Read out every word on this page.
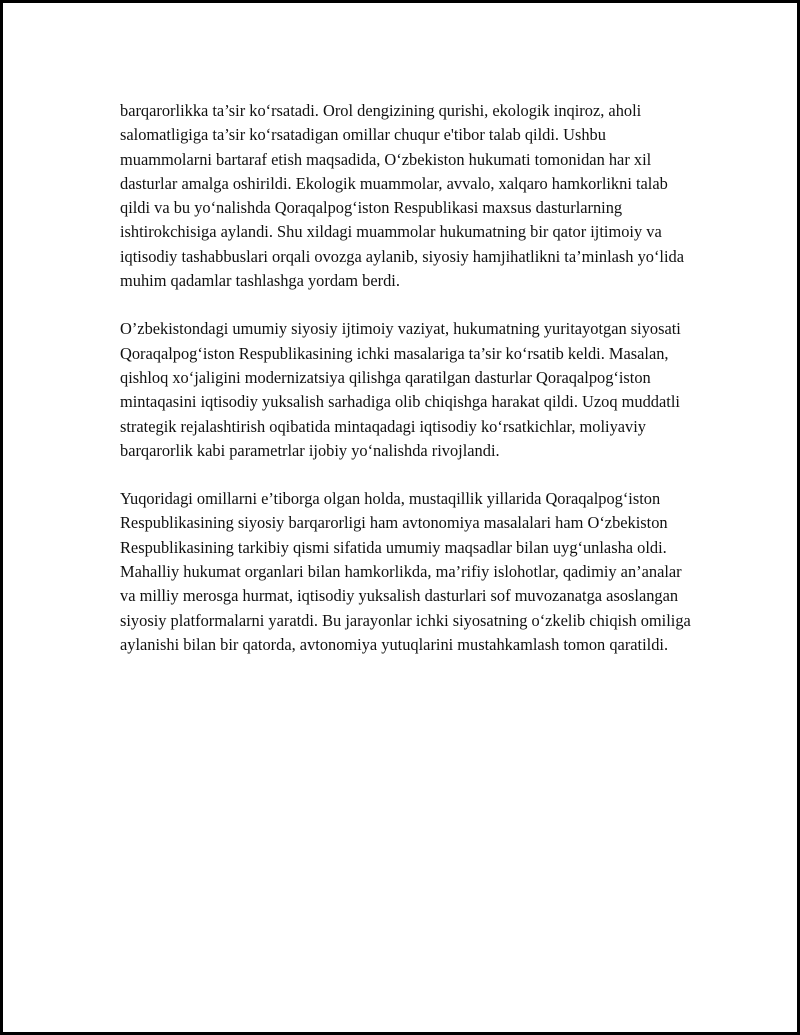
barqarorlikka ta’sir ko‘rsatadi. Orol dengizining qurishi, ekologik inqiroz, aholi salomatligiga ta’sir ko‘rsatadigan omillar chuqur e'tibor talab qildi. Ushbu muammolarni bartaraf etish maqsadida, O‘zbekiston hukumati tomonidan har xil dasturlar amalga oshirildi. Ekologik muammolar, avvalo, xalqaro hamkorlikni talab qildi va bu yo‘nalishda Qoraqalpog‘iston Respublikasi maxsus dasturlarning ishtirokchisiga aylandi. Shu xildagi muammolar hukumatning bir qator ijtimoiy va iqtisodiy tashabbuslari orqali ovozga aylanib, siyosiy hamjihatlikni ta’minlash yo‘lida muhim qadamlar tashlashga yordam berdi.

O’zbekistondagi umumiy siyosiy ijtimoiy vaziyat, hukumatning yuritayotgan siyosati Qoraqalpog‘iston Respublikasining ichki masalariga ta’sir ko‘rsatib keldi. Masalan, qishloq xo‘jaligini modernizatsiya qilishga qaratilgan dasturlar Qoraqalpog‘iston mintaqasini iqtisodiy yuksalish sarhadiga olib chiqishga harakat qildi. Uzoq muddatli strategik rejalashtirish oqibatida mintaqadagi iqtisodiy ko‘rsatkichlar, moliyaviy barqarorlik kabi parametrlar ijobiy yo‘nalishda rivojlandi.

Yuqoridagi omillarni e’tiborga olgan holda, mustaqillik yillarida Qoraqalpog‘iston Respublikasining siyosiy barqarorligi ham avtonomiya masalalari ham O‘zbekiston Respublikasining tarkibiy qismi sifatida umumiy maqsadlar bilan uyg‘unlasha oldi. Mahalliy hukumat organlari bilan hamkorlikda, ma’rifiy islohotlar, qadimiy an’analar va milliy merosga hurmat, iqtisodiy yuksalish dasturlari sof muvozanatga asoslangan siyosiy platformalarni yaratdi. Bu jarayonlar ichki siyosatning o‘zkelib chiqish omiliga aylanishi bilan bir qatorda, avtonomiya yutuqlarini mustahkamlash tomon qaratildi.
